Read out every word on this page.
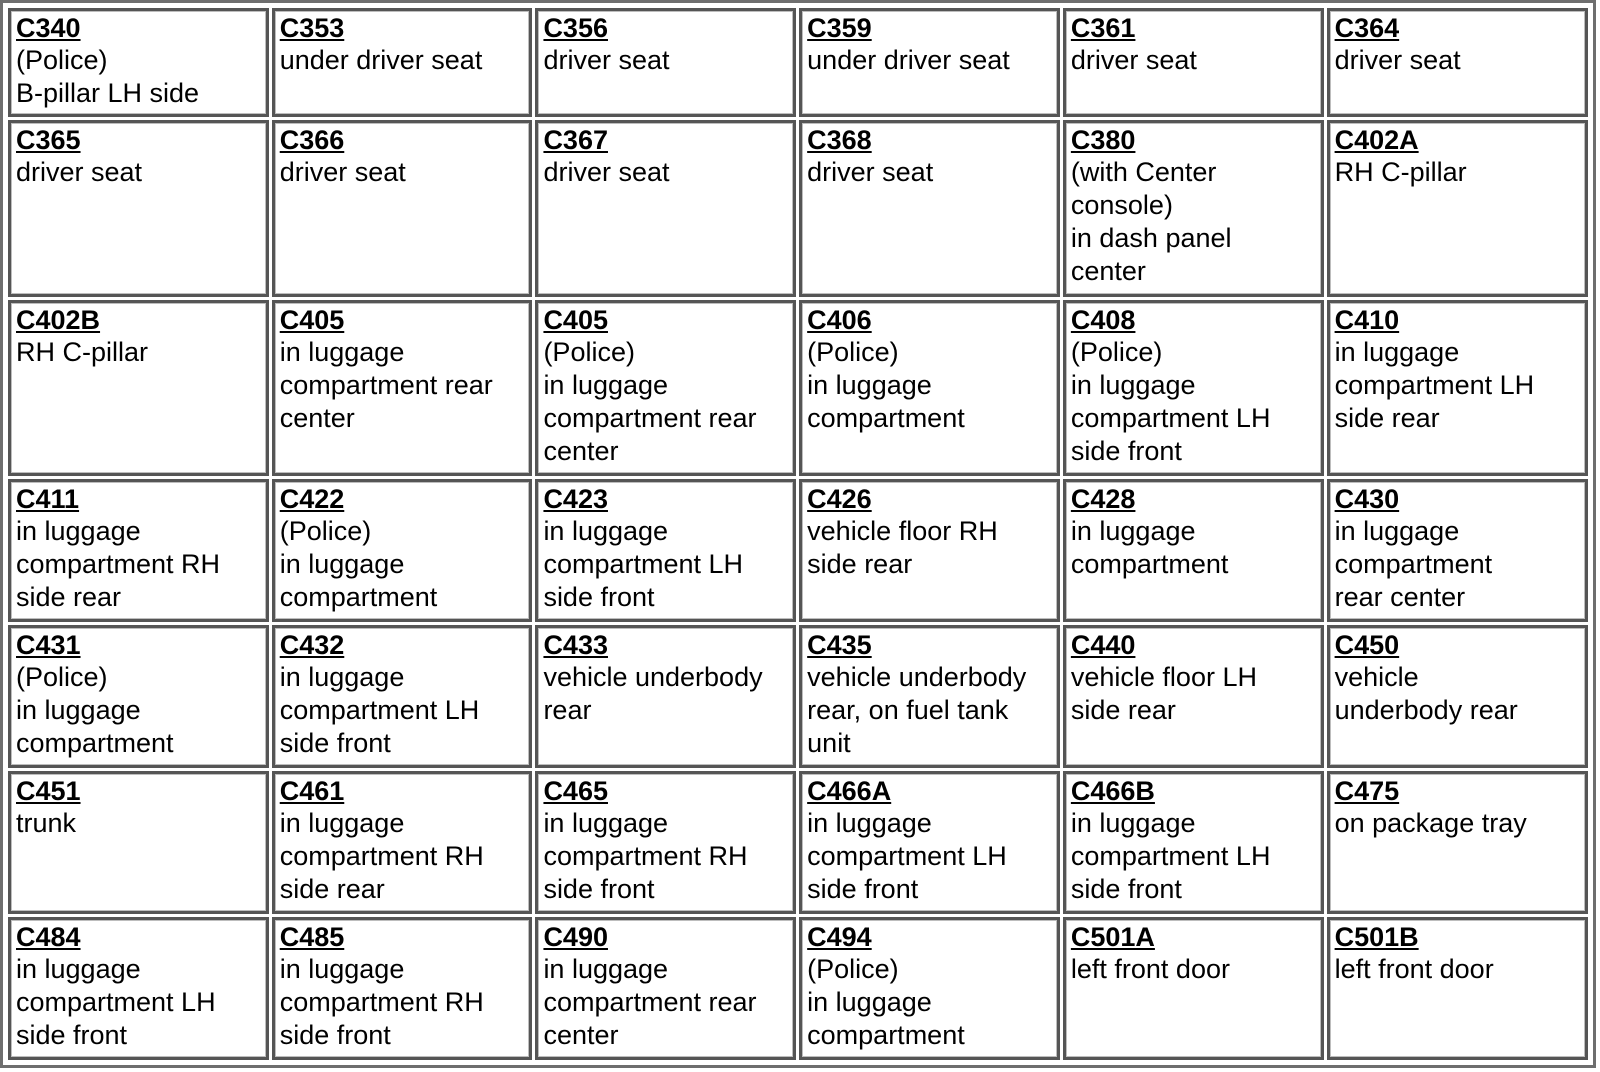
C340
(Police)
B-pillar LH side	C353
under driver seat	C356
driver seat	C359
under driver seat	C361
driver seat	C364
driver seat

C365
driver seat	C366
driver seat	C367
driver seat	C368
driver seat	C380
(with Center
console)
in dash panel
center	C402A
RH C-pillar

C402B
RH C-pillar	C405
in luggage
compartment rear
center	C405
(Police)
in luggage
compartment rear
center	C406
(Police)
in luggage
compartment	C408
(Police)
in luggage
compartment LH
side front	C410
in luggage
compartment LH
side rear

C411
in luggage
compartment RH
side rear	C422
(Police)
in luggage
compartment	C423
in luggage
compartment LH
side front	C426
vehicle floor RH
side rear	C428
in luggage
compartment	C430
in luggage
compartment
rear center

C431
(Police)
in luggage
compartment	C432
in luggage
compartment LH
side front	C433
vehicle underbody
rear	C435
vehicle underbody
rear, on fuel tank
unit	C440
vehicle floor LH
side rear	C450
vehicle
underbody rear

C451
trunk	C461
in luggage
compartment RH
side rear	C465
in luggage
compartment RH
side front	C466A
in luggage
compartment LH
side front	C466B
in luggage
compartment LH
side front	C475
on package tray

C484
in luggage
compartment LH
side front	C485
in luggage
compartment RH
side front	C490
in luggage
compartment rear
center	C494
(Police)
in luggage
compartment	C501A
left front door	C501B
left front door
